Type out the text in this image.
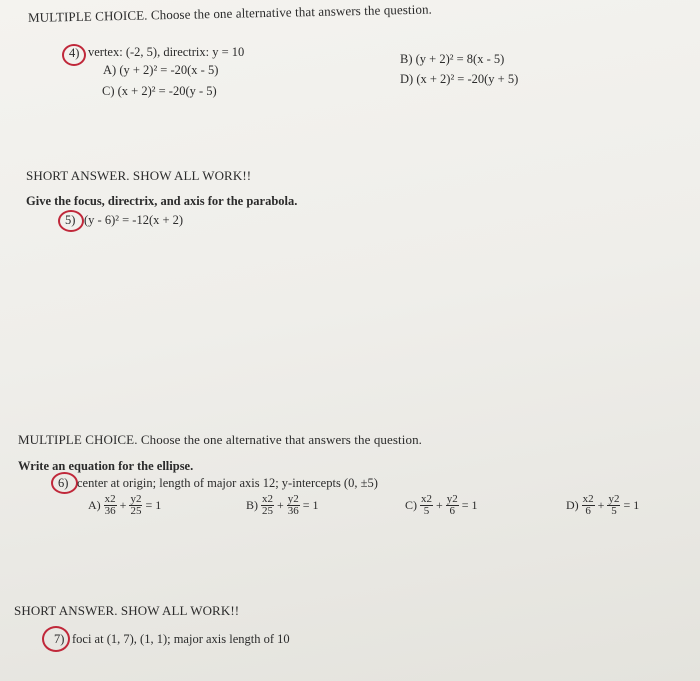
MULTIPLE CHOICE. Choose the one alternative that answers the question.
4) vertex: (-2, 5), directrix: y = 10
A) (y + 2)² = -20(x - 5)
B) (y + 2)² = 8(x - 5)
C) (x + 2)² = -20(y - 5)
D) (x + 2)² = -20(y + 5)
SHORT ANSWER. SHOW ALL WORK!!
Give the focus, directrix, and axis for the parabola.
5) (y - 6)² = -12(x + 2)
MULTIPLE CHOICE. Choose the one alternative that answers the question.
Write an equation for the ellipse.
6) center at origin; length of major axis 12; y-intercepts (0, ±5)
$A) \frac{x2}{36} + \frac{y2}{25} = 1$	$B) \frac{x2}{25} + \frac{y2}{36} = 1$	$C) \frac{x2}{5} + \frac{y2}{6} = 1$	$D) \frac{x2}{6} + \frac{y2}{5} = 1$
SHORT ANSWER. SHOW ALL WORK!!
7) foci at (1, 7), (1, 1); major axis length of 10
